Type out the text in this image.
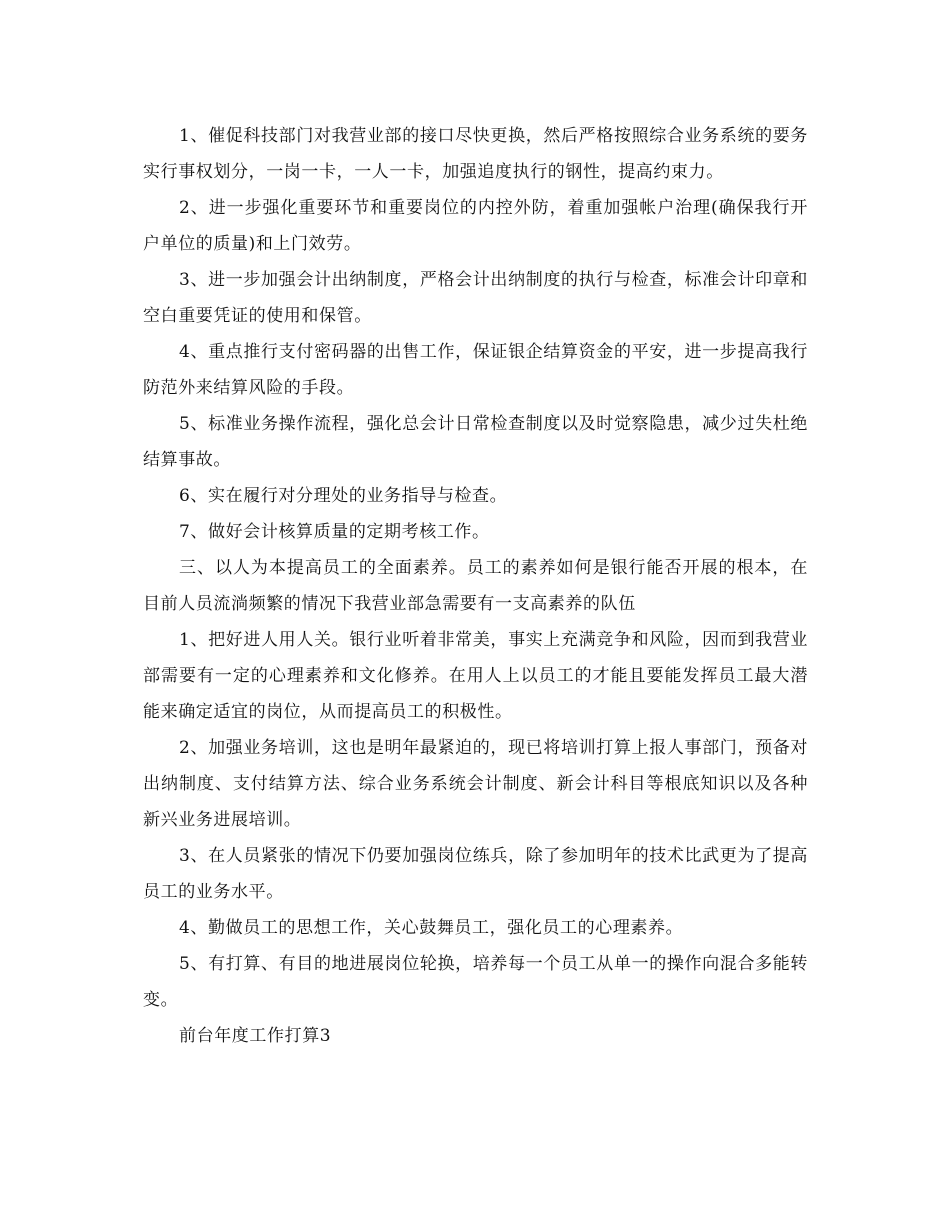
1、催促科技部门对我营业部的接口尽快更换，然后严格按照综合业务系统的要务实行事权划分，一岗一卡，一人一卡，加强追度执行的钢性，提高约束力。

2、进一步强化重要环节和重要岗位的内控外防，着重加强帐户治理(确保我行开户单位的质量)和上门效劳。

3、进一步加强会计出纳制度，严格会计出纳制度的执行与检查，标准会计印章和空白重要凭证的使用和保管。

4、重点推行支付密码器的出售工作，保证银企结算资金的平安，进一步提高我行防范外来结算风险的手段。

5、标准业务操作流程，强化总会计日常检查制度以及时觉察隐患，减少过失杜绝结算事故。

6、实在履行对分理处的业务指导与检查。

7、做好会计核算质量的定期考核工作。

三、以人为本提高员工的全面素养。员工的素养如何是银行能否开展的根本，在目前人员流淌频繁的情况下我营业部急需要有一支高素养的队伍

1、把好进人用人关。银行业听着非常美，事实上充满竞争和风险，因而到我营业部需要有一定的心理素养和文化修养。在用人上以员工的才能且要能发挥员工最大潜能来确定适宜的岗位，从而提高员工的积极性。

2、加强业务培训，这也是明年最紧迫的，现已将培训打算上报人事部门，预备对出纳制度、支付结算方法、综合业务系统会计制度、新会计科目等根底知识以及各种新兴业务进展培训。

3、在人员紧张的情况下仍要加强岗位练兵，除了参加明年的技术比武更为了提高员工的业务水平。

4、勤做员工的思想工作，关心鼓舞员工，强化员工的心理素养。

5、有打算、有目的地进展岗位轮换，培养每一个员工从单一的操作向混合多能转变。

前台年度工作打算3
